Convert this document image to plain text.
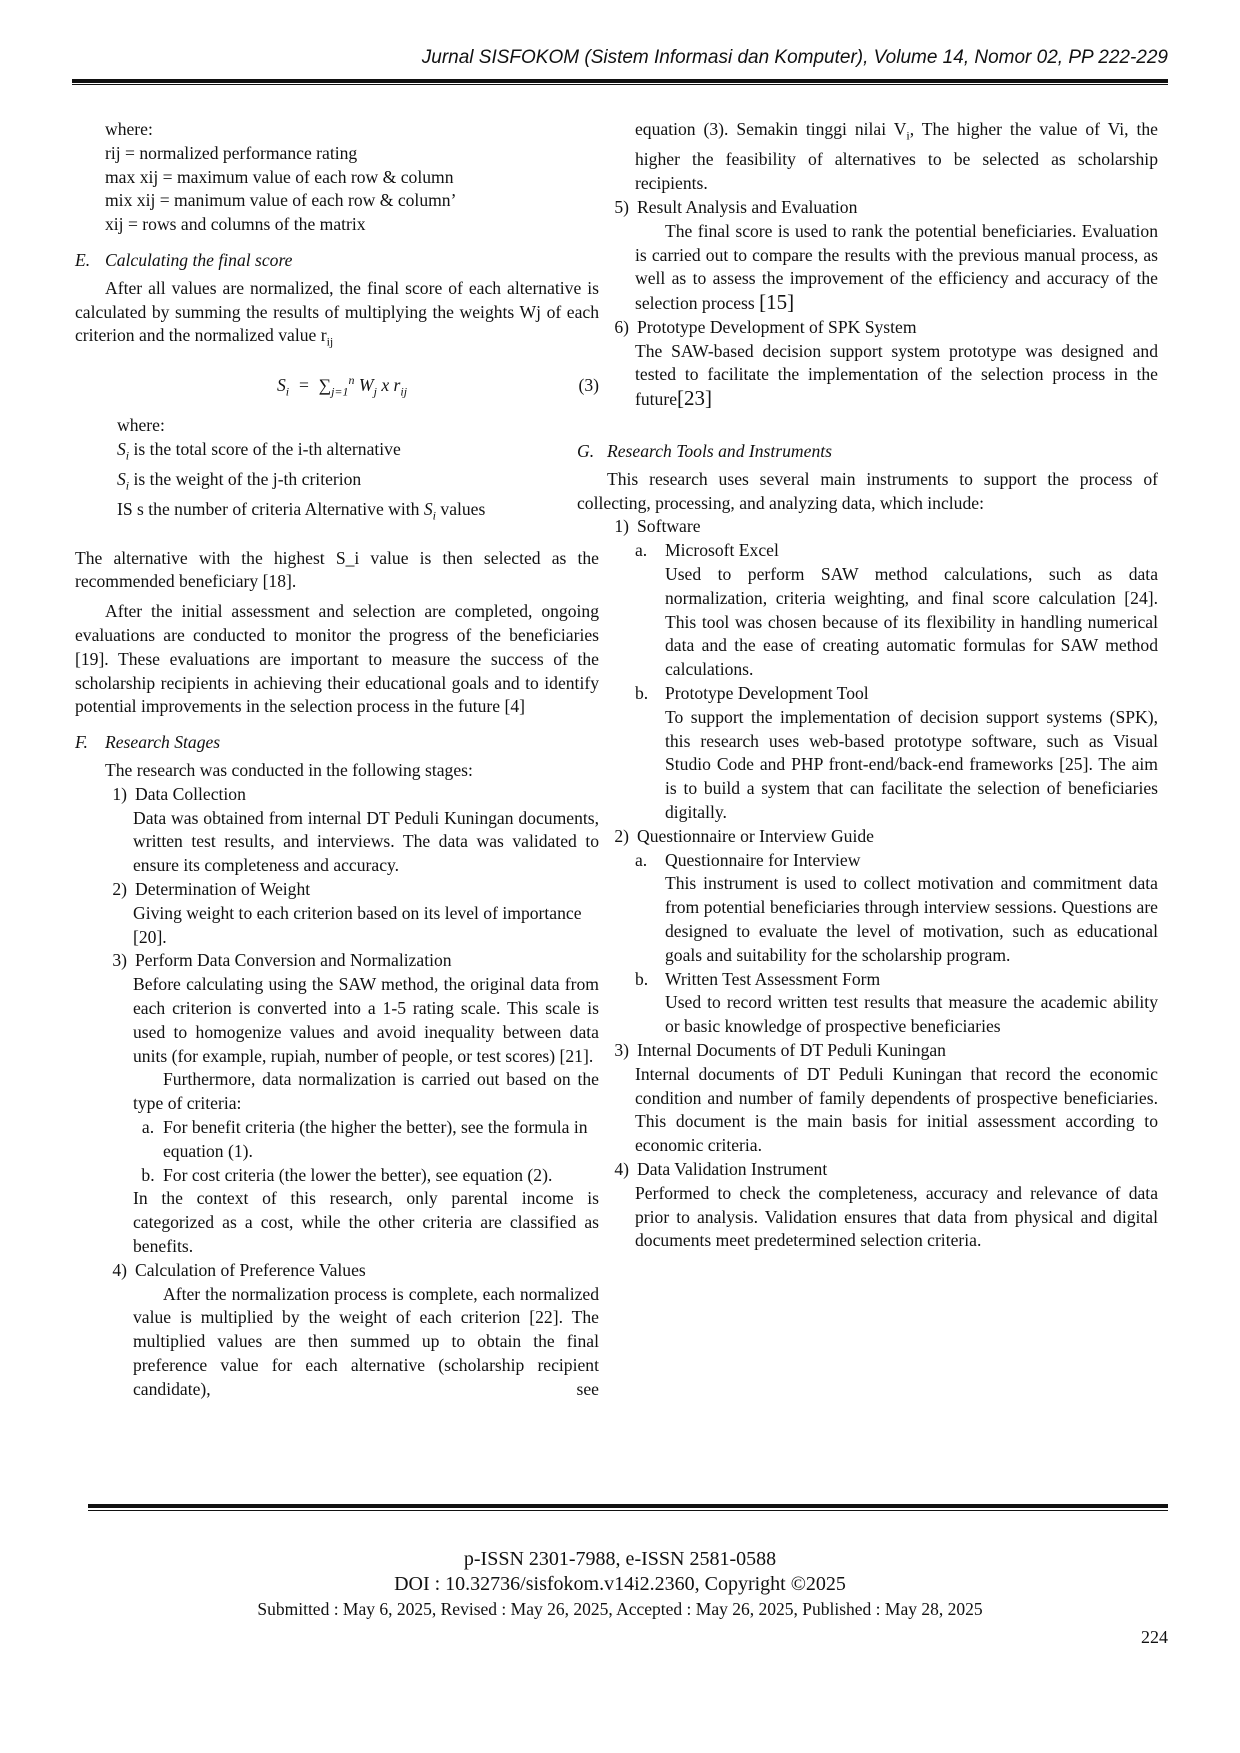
Jurnal SISFOKOM (Sistem Informasi dan Komputer), Volume 14, Nomor 02, PP 222-229

where:

rij = normalized performance rating

max xij = maximum value of each row & column

mix xij = manimum value of each row & column’

xij = rows and columns of the matrix

E. Calculating the final score

After all values are normalized, the final score of each alternative is calculated by summing the results of multiplying the weights Wj of each criterion and the normalized value $r_{ij}$

$S_i = \sum_{j=1}^n$ $W_j$ x $r_{ij}$	(3)

where:

$S_i$ is the total score of the i-th alternative

$S_i$ is the weight of the j-th criterion

IS s the number of criteria Alternative with $S_i$ values

The alternative with the highest S_i value is then selected as the recommended beneficiary [18].

After the initial assessment and selection are completed, ongoing evaluations are conducted to monitor the progress of the beneficiaries [19]. These evaluations are important to measure the success of the scholarship recipients in achieving their educational goals and to identify potential improvements in the selection process in the future [4]

F. Research Stages

The research was conducted in the following stages:

1) Data Collection

Data was obtained from internal DT Peduli Kuningan documents, written test results, and interviews. The data was validated to ensure its completeness and accuracy.

2) Determination of Weight

Giving weight to each criterion based on its level of importance [20].

3) Perform Data Conversion and Normalization

Before calculating using the SAW method, the original data from each criterion is converted into a 1-5 rating scale. This scale is used to homogenize values and avoid inequality between data units (for example, rupiah, number of people, or test scores) [21].

Furthermore, data normalization is carried out based on the type of criteria:

a. For benefit criteria (the higher the better), see the formula in equation (1).
b. For cost criteria (the lower the better), see equation (2).

In the context of this research, only parental income is categorized as a cost, while the other criteria are classified as benefits.

4) Calculation of Preference Values

After the normalization process is complete, each normalized value is multiplied by the weight of each criterion [22]. The multiplied values are then summed up to obtain the final preference value for each alternative (scholarship recipient candidate), see

equation (3). Semakin tinggi nilai $V_i$, The higher the value of Vi, the higher the feasibility of alternatives to be selected as scholarship recipients.

5) Result Analysis and Evaluation

The final score is used to rank the potential beneficiaries. Evaluation is carried out to compare the results with the previous manual process, as well as to assess the improvement of the efficiency and accuracy of the selection process [15]

6) Prototype Development of SPK System

The SAW-based decision support system prototype was designed and tested to facilitate the implementation of the selection process in the future[23]

G. Research Tools and Instruments

This research uses several main instruments to support the process of collecting, processing, and analyzing data, which include:

1) Software
a.	Microsoft Excel

Used to perform SAW method calculations, such as data normalization, criteria weighting, and final score calculation [24]. This tool was chosen because of its flexibility in handling numerical data and the ease of creating automatic formulas for SAW method calculations.

b. Prototype Development Tool

To support the implementation of decision support systems (SPK), this research uses web-based prototype software, such as Visual Studio Code and PHP front-end/back-end frameworks [25]. The aim is to build a system that can facilitate the selection of beneficiaries digitally.

2) Questionnaire or Interview Guide
a.	Questionnaire for Interview

This instrument is used to collect motivation and commitment data from potential beneficiaries through interview sessions. Questions are designed to evaluate the level of motivation, such as educational goals and suitability for the scholarship program.

b. Written Test Assessment Form

Used to record written test results that measure the academic ability or basic knowledge of prospective beneficiaries

3) Internal Documents of DT Peduli Kuningan

Internal documents of DT Peduli Kuningan that record the economic condition and number of family dependents of prospective beneficiaries. This document is the main basis for initial assessment according to economic criteria.

4) Data Validation Instrument

Performed to check the completeness, accuracy and relevance of data prior to analysis. Validation ensures that data from physical and digital documents meet predetermined selection criteria.

p-ISSN 2301-7988, e-ISSN 2581-0588
DOI : 10.32736/sisfokom.v14i2.2360, Copyright ©2025
Submitted : May 6, 2025, Revised : May 26, 2025, Accepted : May 26, 2025, Published : May 28, 2025
224
